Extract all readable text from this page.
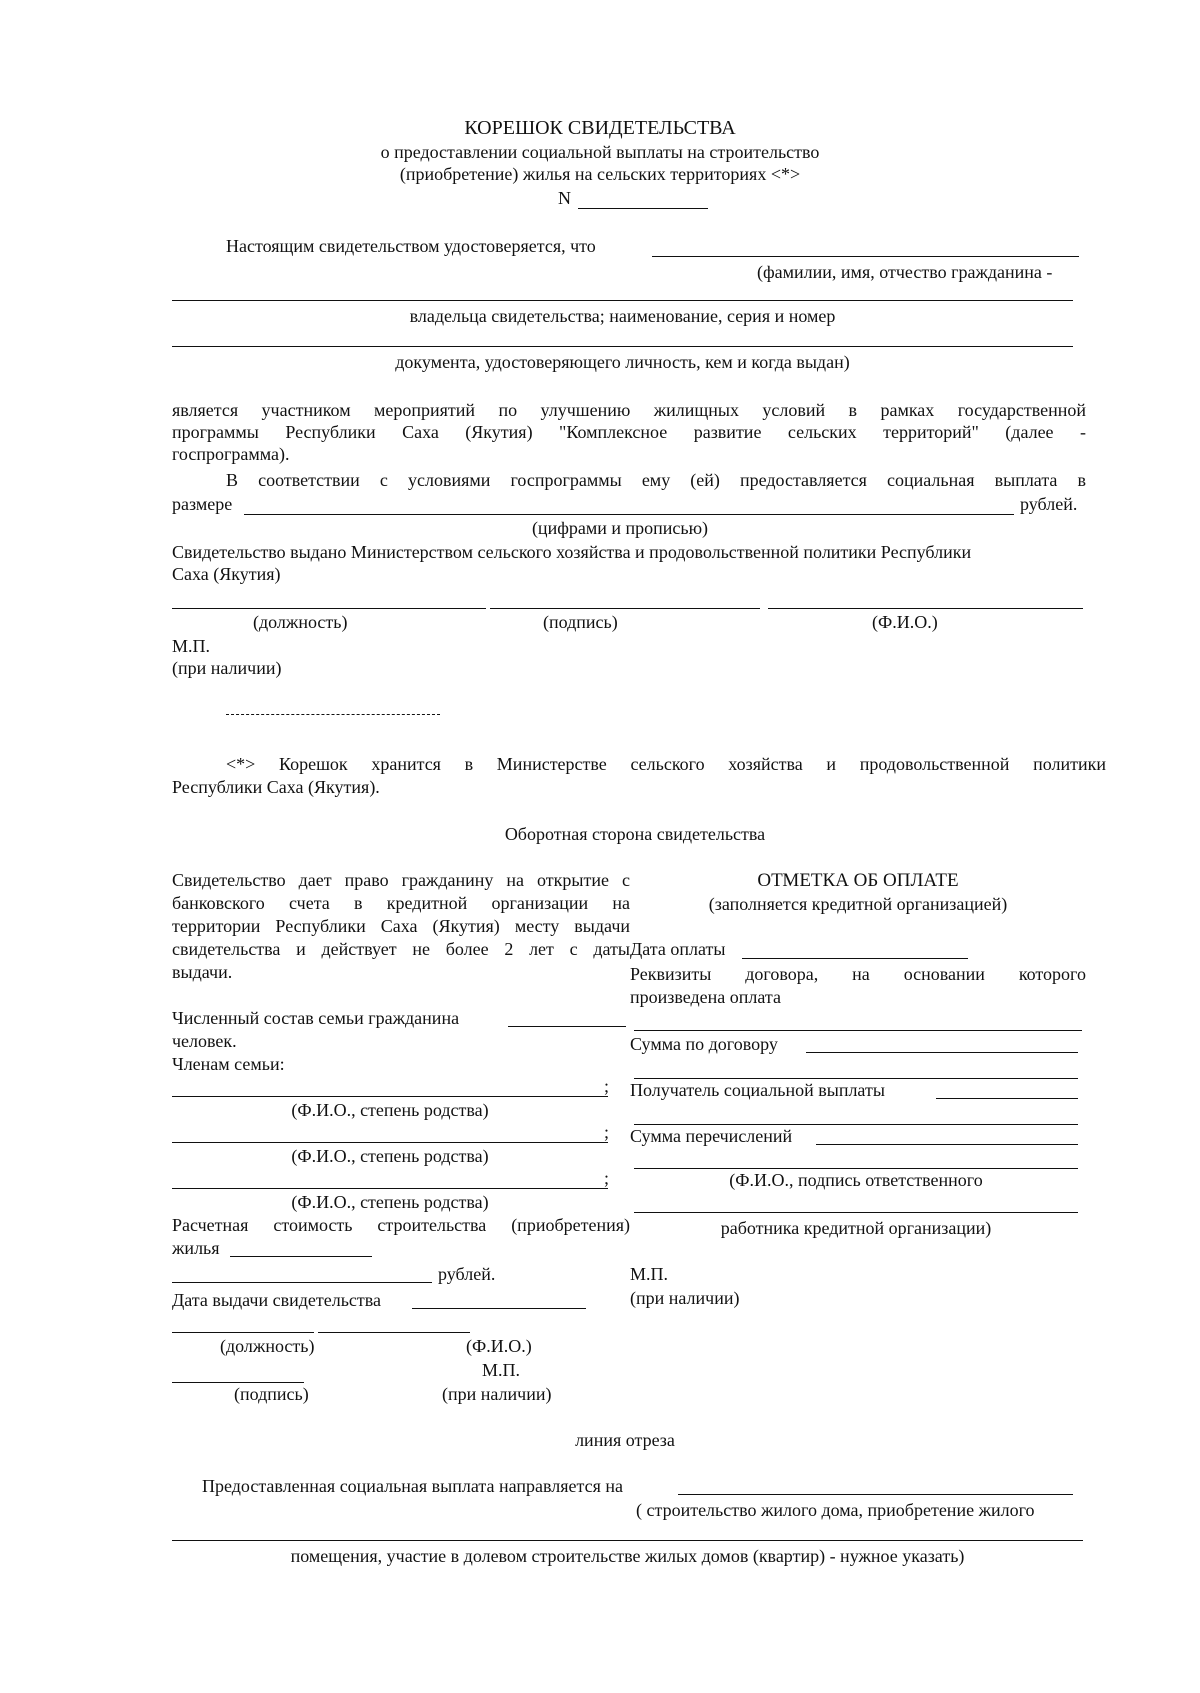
КОРЕШОК СВИДЕТЕЛЬСТВА
о предоставлении социальной выплаты на строительство
(приобретение) жилья на сельских территориях <*>
N
Настоящим свидетельством удостоверяется, что
(фамилии, имя, отчество гражданина -
владельца свидетельства; наименование, серия и номер
документа, удостоверяющего личность, кем и когда выдан)
является участником мероприятий по улучшению жилищных условий в рамках государственной
программы Республики Саха (Якутия) "Комплексное развитие сельских территорий" (далее -
госпрограмма).
В соответствии с условиями госпрограммы ему (ей) предоставляется социальная выплата в
размере	рублей.
(цифрами и прописью)
Свидетельство выдано Министерством сельского хозяйства и продовольственной политики Республики
Саха (Якутия)
(должность)	(подпись)	(Ф.И.О.)
М.П.
(при наличии)
<*> Корешок хранится в Министерстве сельского хозяйства и продовольственной политики
Республики Саха (Якутия).
Оборотная сторона свидетельства
Свидетельство дает право гражданину на открытие с
банковского счета в кредитной организации на
территории Республики Саха (Якутия) месту выдачи
свидетельства и действует не более 2 лет с даты
выдачи.
Численный состав семьи гражданина
человек.
Членам семьи:
;
(Ф.И.О., степень родства)
;
(Ф.И.О., степень родства)
;
(Ф.И.О., степень родства)
Расчетная стоимость строительства (приобретения)
жилья
рублей.
Дата выдачи свидетельства
(должность)	(Ф.И.О.)
М.П.
(подпись)	(при наличии)
ОТМЕТКА ОБ ОПЛАТЕ
(заполняется кредитной организацией)
Дата оплаты
Реквизиты договора, на основании которого
произведена оплата
Сумма по договору
Получатель социальной выплаты
Сумма перечислений
(Ф.И.О., подпись ответственного
работника кредитной организации)
М.П.
(при наличии)
линия отреза
Предоставленная социальная выплата направляется на
( строительство жилого дома, приобретение жилого
помещения, участие в долевом строительстве жилых домов (квартир) - нужное указать)
